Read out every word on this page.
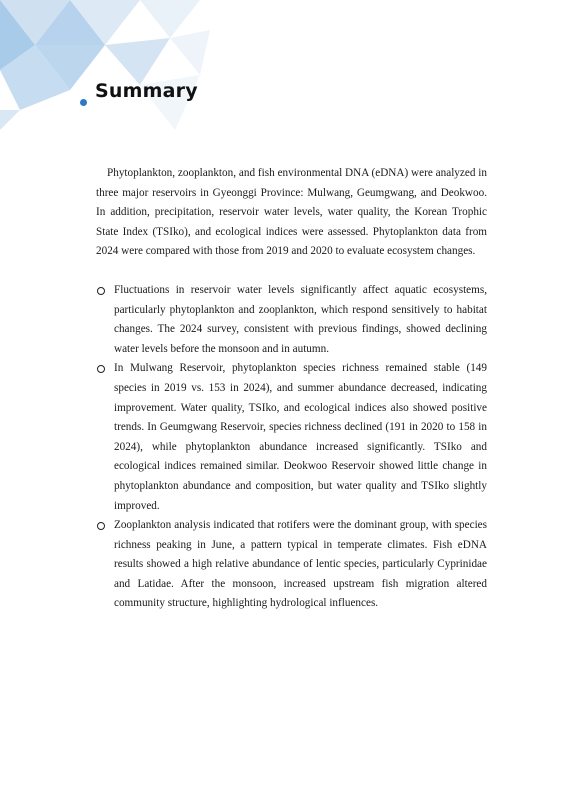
Summary

Phytoplankton, zooplankton, and fish environmental DNA (eDNA) were analyzed in three major reservoirs in Gyeonggi Province: Mulwang, Geumgwang, and Deokwoo. In addition, precipitation, reservoir water levels, water quality, the Korean Trophic State Index (TSIko), and ecological indices were assessed. Phytoplankton data from 2024 were compared with those from 2019 and 2020 to evaluate ecosystem changes.

Fluctuations in reservoir water levels significantly affect aquatic ecosystems, particularly phytoplankton and zooplankton, which respond sensitively to habitat changes. The 2024 survey, consistent with previous findings, showed declining water levels before the monsoon and in autumn.
In Mulwang Reservoir, phytoplankton species richness remained stable (149 species in 2019 vs. 153 in 2024), and summer abundance decreased, indicating improvement. Water quality, TSIko, and ecological indices also showed positive trends. In Geumgwang Reservoir, species richness declined (191 in 2020 to 158 in 2024), while phytoplankton abundance increased significantly. TSIko and ecological indices remained similar. Deokwoo Reservoir showed little change in phytoplankton abundance and composition, but water quality and TSIko slightly improved.
Zooplankton analysis indicated that rotifers were the dominant group, with species richness peaking in June, a pattern typical in temperate climates. Fish eDNA results showed a high relative abundance of lentic species, particularly Cyprinidae and Latidae. After the monsoon, increased upstream fish migration altered community structure, highlighting hydrological influences.
